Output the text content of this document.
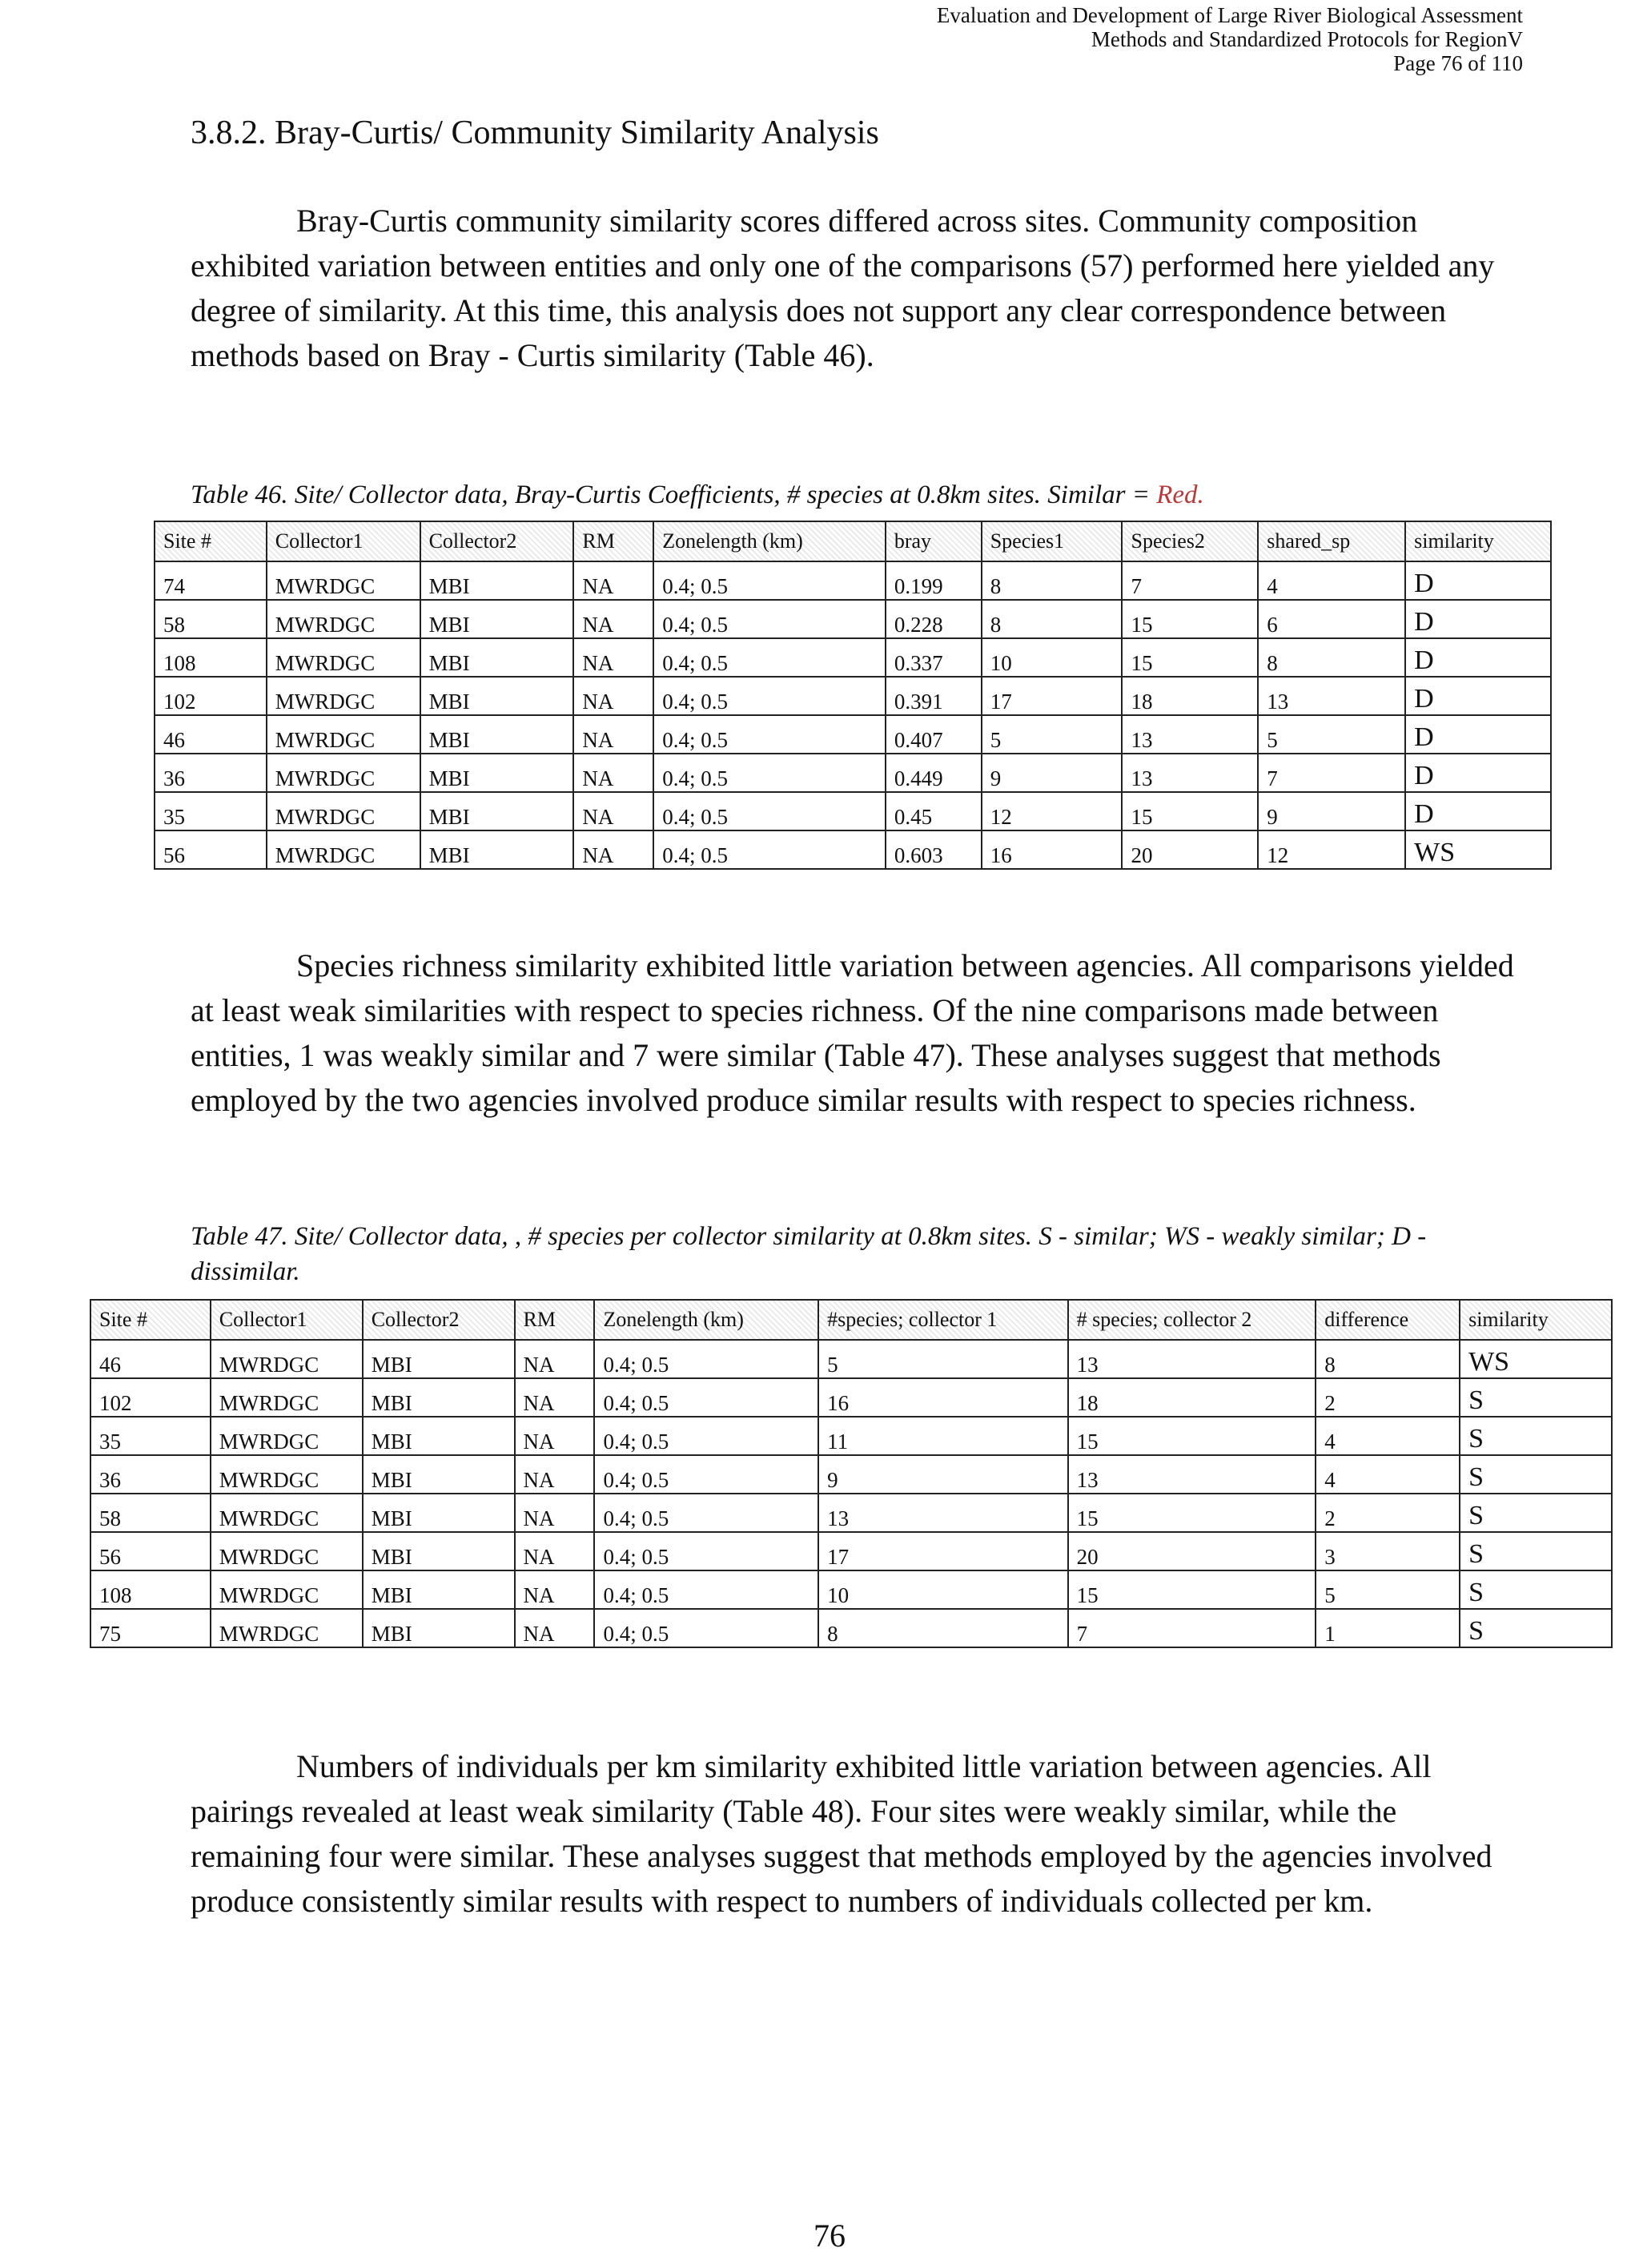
Evaluation and Development of Large River Biological Assessment
Methods and Standardized Protocols for RegionV
Page 76 of 110
3.8.2. Bray-Curtis/ Community Similarity Analysis

Bray-Curtis community similarity scores differed across sites. Community composition exhibited variation between entities and only one of the comparisons (57) performed here yielded any degree of similarity. At this time, this analysis does not support any clear correspondence between methods based on Bray - Curtis similarity (Table 46).

Table 46. Site/ Collector data, Bray-Curtis Coefficients, # species at 0.8km sites. Similar = Red.
Site #	Collector1	Collector2	RM	Zonelength (km)	bray	Species1	Species2	shared_sp	similarity
74	MWRDGC	MBI	NA	0.4; 0.5	0.199	8	7	4	D
58	MWRDGC	MBI	NA	0.4; 0.5	0.228	8	15	6	D
108	MWRDGC	MBI	NA	0.4; 0.5	0.337	10	15	8	D
102	MWRDGC	MBI	NA	0.4; 0.5	0.391	17	18	13	D
46	MWRDGC	MBI	NA	0.4; 0.5	0.407	5	13	5	D
36	MWRDGC	MBI	NA	0.4; 0.5	0.449	9	13	7	D
35	MWRDGC	MBI	NA	0.4; 0.5	0.45	12	15	9	D
56	MWRDGC	MBI	NA	0.4; 0.5	0.603	16	20	12	WS

Species richness similarity exhibited little variation between agencies. All comparisons yielded at least weak similarities with respect to species richness. Of the nine comparisons made between entities, 1 was weakly similar and 7 were similar (Table 47). These analyses suggest that methods employed by the two agencies involved produce similar results with respect to species richness.

Table 47. Site/ Collector data, , # species per collector similarity at 0.8km sites. S - similar; WS - weakly similar; D - dissimilar.
Site #	Collector1	Collector2	RM	Zonelength (km)	#species; collector 1	# species; collector 2	difference	similarity
46	MWRDGC	MBI	NA	0.4; 0.5	5	13	8	WS
102	MWRDGC	MBI	NA	0.4; 0.5	16	18	2	S
35	MWRDGC	MBI	NA	0.4; 0.5	11	15	4	S
36	MWRDGC	MBI	NA	0.4; 0.5	9	13	4	S
58	MWRDGC	MBI	NA	0.4; 0.5	13	15	2	S
56	MWRDGC	MBI	NA	0.4; 0.5	17	20	3	S
108	MWRDGC	MBI	NA	0.4; 0.5	10	15	5	S
75	MWRDGC	MBI	NA	0.4; 0.5	8	7	1	S

Numbers of individuals per km similarity exhibited little variation between agencies. All pairings revealed at least weak similarity (Table 48). Four sites were weakly similar, while the remaining four were similar. These analyses suggest that methods employed by the agencies involved produce consistently similar results with respect to numbers of individuals collected per km.

76
